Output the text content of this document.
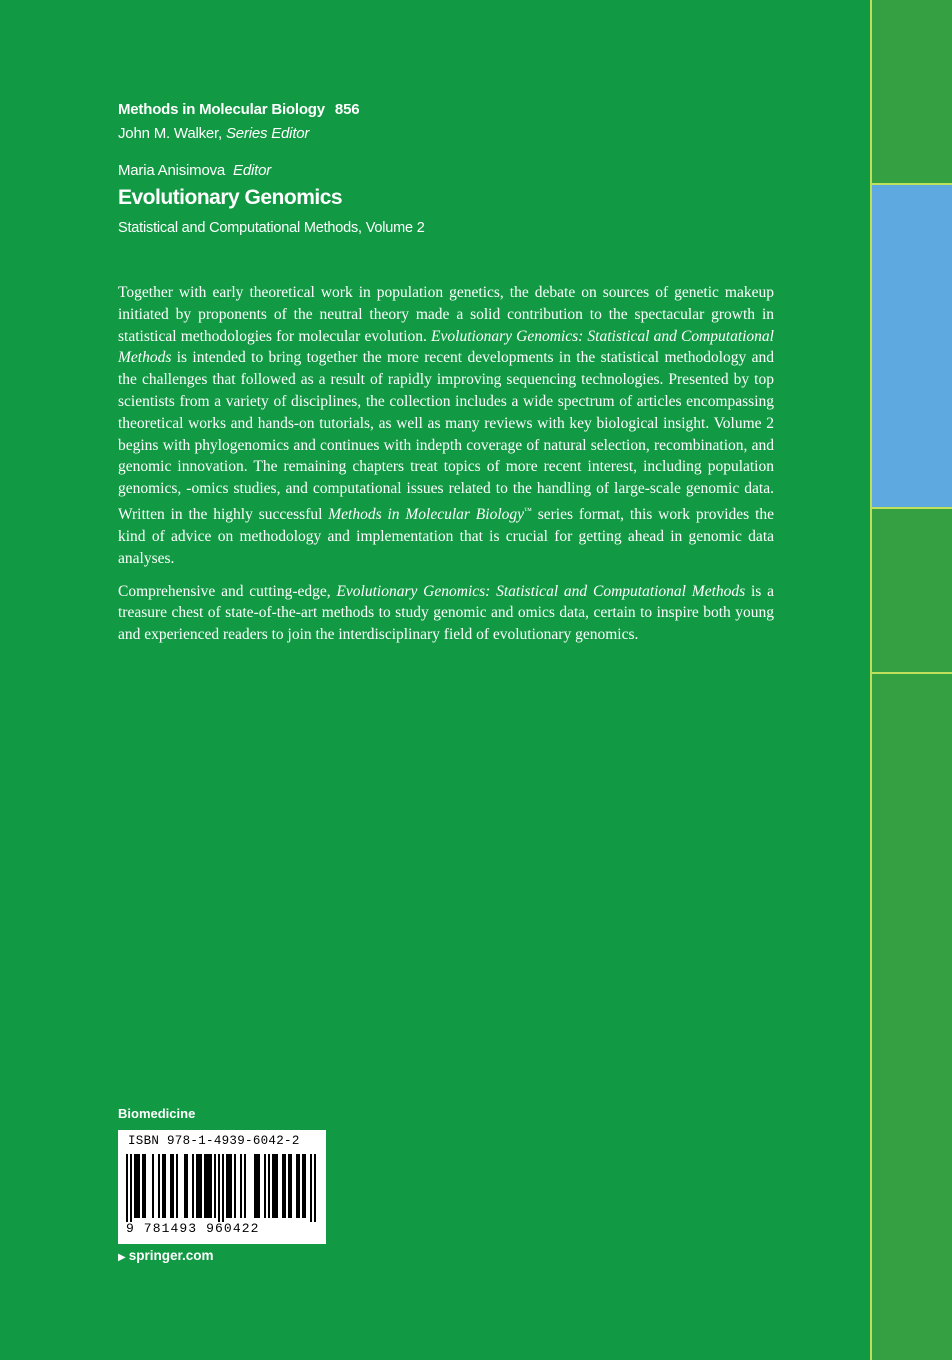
Methods in Molecular Biology 856
John M. Walker, Series Editor
Maria Anisimova Editor
Evolutionary Genomics
Statistical and Computational Methods, Volume 2

Together with early theoretical work in population genetics, the debate on sources of genetic makeup initiated by proponents of the neutral theory made a solid contribution to the spectacular growth in statistical methodologies for molecular evolution. Evolutionary Genomics: Statistical and Computational Methods is intended to bring together the more recent developments in the statistical methodology and the challenges that followed as a result of rapidly improving sequencing technologies. Presented by top scientists from a variety of disciplines, the collection includes a wide spectrum of articles encompassing theoretical works and hands-on tutorials, as well as many reviews with key biological insight. Volume 2 begins with phylogenomics and continues with indepth coverage of natural selection, recombination, and genomic innovation. The remaining chapters treat topics of more recent interest, including population genomics, -omics studies, and computational issues related to the handling of large-scale genomic data. Written in the highly successful Methods in Molecular Biology™ series format, this work provides the kind of advice on methodology and implementation that is crucial for getting ahead in genomic data analyses.

Comprehensive and cutting-edge, Evolutionary Genomics: Statistical and Computational Methods is a treasure chest of state-of-the-art methods to study genomic and omics data, certain to inspire both young and experienced readers to join the interdisciplinary field of evolutionary genomics.

Biomedicine
ISBN 978-1-4939-6042-2
9 781493 960422
▶ springer.com
